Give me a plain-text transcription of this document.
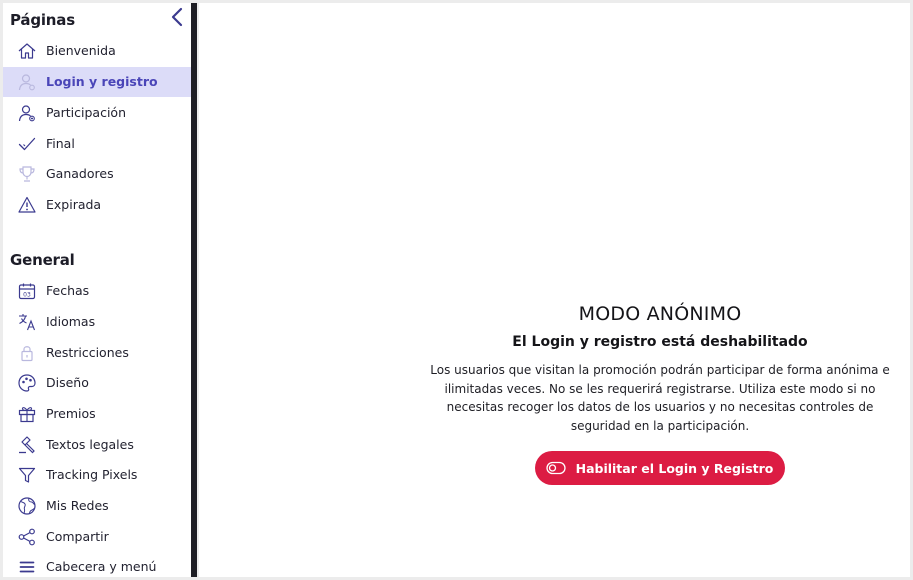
Páginas
Bienvenida
Login y registro
Participación
Final
Ganadores
Expirada
General
03 Fechas
Idiomas
Restricciones
Diseño
Premios
Textos legales
Tracking Pixels
Mis Redes
Compartir
Cabecera y menú
MODO ANÓNIMO
El Login y registro está deshabilitado
Los usuarios que visitan la promoción podrán participar de forma anónima e
ilimitadas veces. No se les requerirá registrarse. Utiliza este modo si no
necesitas recoger los datos de los usuarios y no necesitas controles de
seguridad en la participación.
Habilitar el Login y Registro
